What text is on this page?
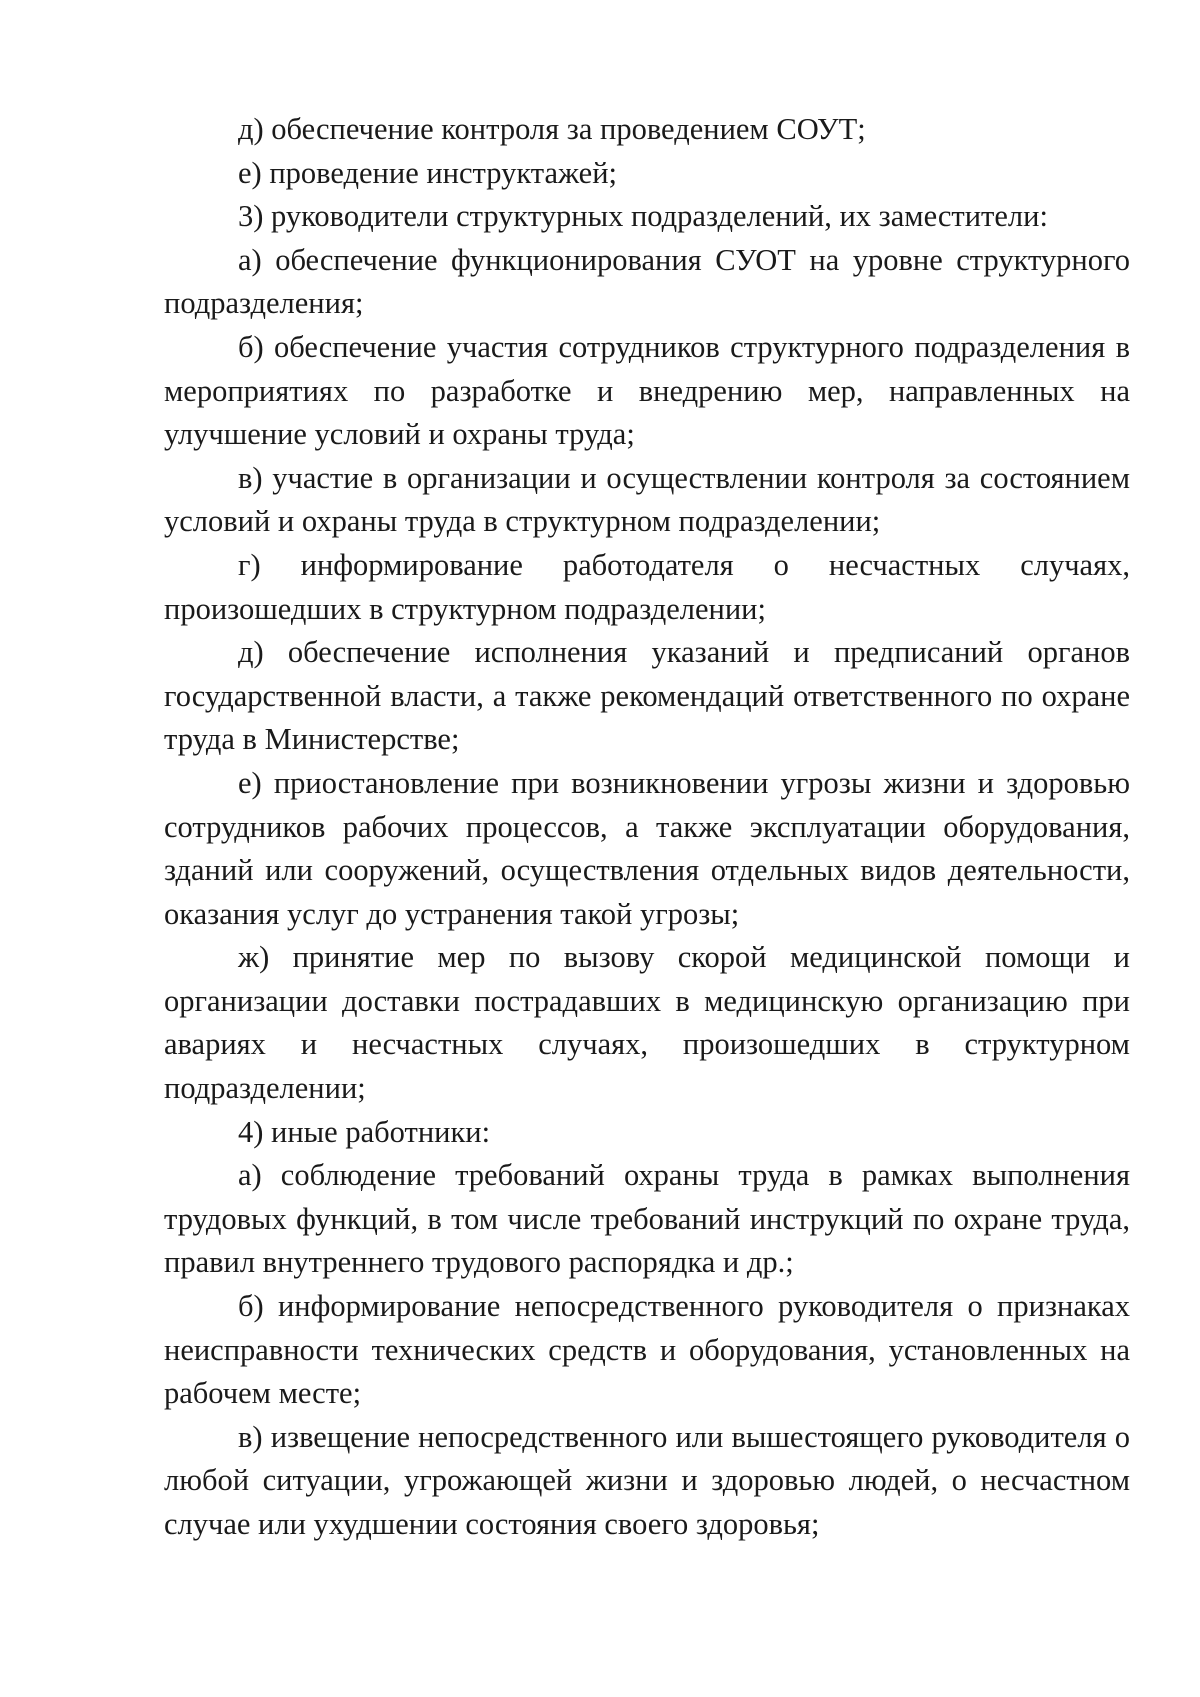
д) обеспечение контроля за проведением СОУТ;

е) проведение инструктажей;

3) руководители структурных подразделений, их заместители:

а) обеспечение функционирования СУОТ на уровне структурного подразделения;

б) обеспечение участия сотрудников структурного подразделения в мероприятиях по разработке и внедрению мер, направленных на улучшение условий и охраны труда;

в) участие в организации и осуществлении контроля за состоянием условий и охраны труда в структурном подразделении;

г) информирование работодателя о несчастных случаях, произошедших в структурном подразделении;

д) обеспечение исполнения указаний и предписаний органов государственной власти, а также рекомендаций ответственного по охране труда в Министерстве;

е) приостановление при возникновении угрозы жизни и здоровью сотрудников рабочих процессов, а также эксплуатации оборудования, зданий или сооружений, осуществления отдельных видов деятельности, оказания услуг до устранения такой угрозы;

ж) принятие мер по вызову скорой медицинской помощи и организации доставки пострадавших в медицинскую организацию при авариях и несчастных случаях, произошедших в структурном подразделении;

4) иные работники:

а) соблюдение требований охраны труда в рамках выполнения трудовых функций, в том числе требований инструкций по охране труда, правил внутреннего трудового распорядка и др.;

б) информирование непосредственного руководителя о признаках неисправности технических средств и оборудования, установленных на рабочем месте;

в) извещение непосредственного или вышестоящего руководителя о любой ситуации, угрожающей жизни и здоровью людей, о несчастном случае или ухудшении состояния своего здоровья;
